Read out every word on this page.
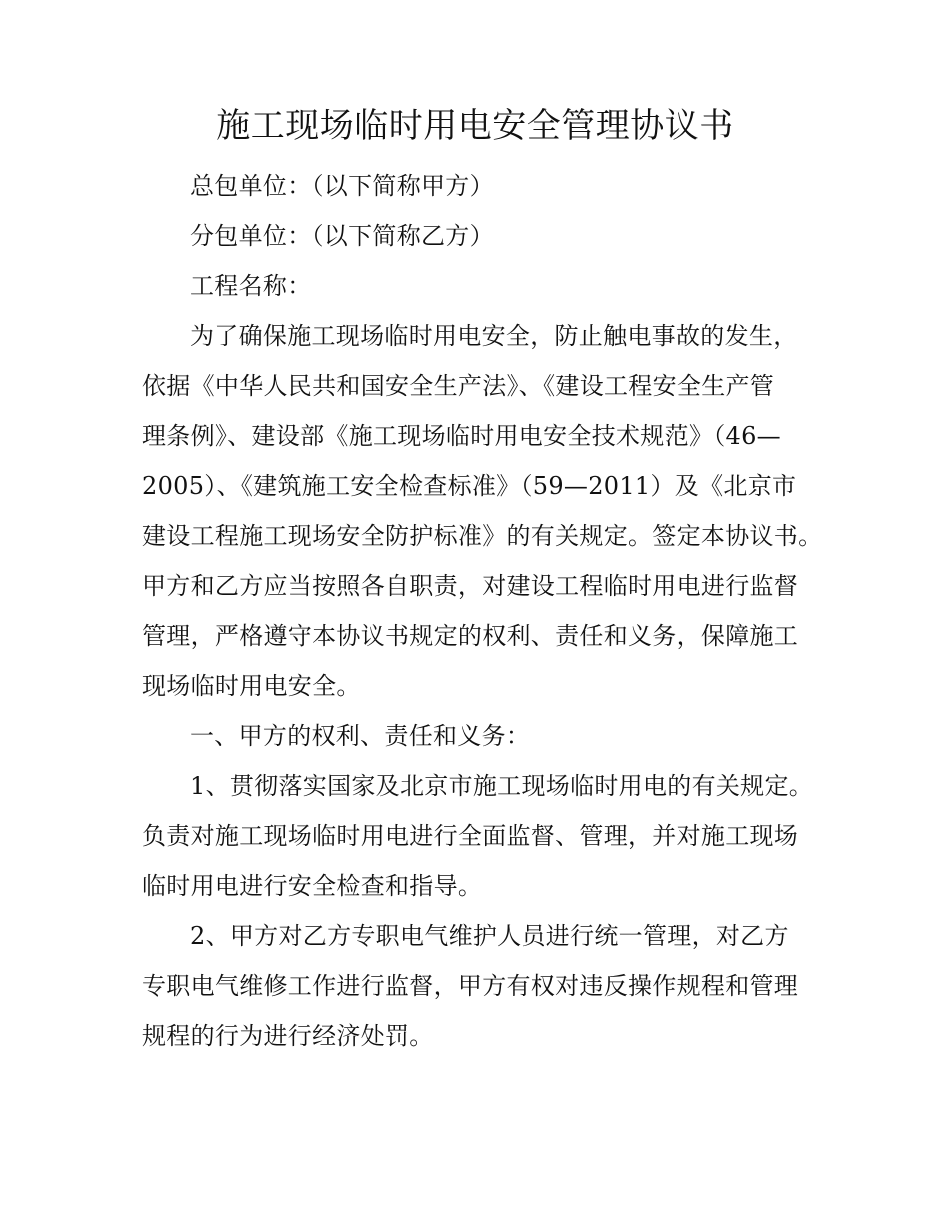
施工现场临时用电安全管理协议书
总包单位：（以下简称甲方）
分包单位：（以下简称乙方）
工程名称：
为了确保施工现场临时用电安全，防止触电事故的发生，
依据《中华人民共和国安全生产法》、《建设工程安全生产管
理条例》、建设部《施工现场临时用电安全技术规范》（46—
2005）、《建筑施工安全检查标准》（59—2011）及《北京市
建设工程施工现场安全防护标准》的有关规定。签定本协议书。
甲方和乙方应当按照各自职责，对建设工程临时用电进行监督
管理，严格遵守本协议书规定的权利、责任和义务，保障施工
现场临时用电安全。
一、甲方的权利、责任和义务：
1、贯彻落实国家及北京市施工现场临时用电的有关规定。
负责对施工现场临时用电进行全面监督、管理，并对施工现场
临时用电进行安全检查和指导。
2、甲方对乙方专职电气维护人员进行统一管理，对乙方
专职电气维修工作进行监督，甲方有权对违反操作规程和管理
规程的行为进行经济处罚。
